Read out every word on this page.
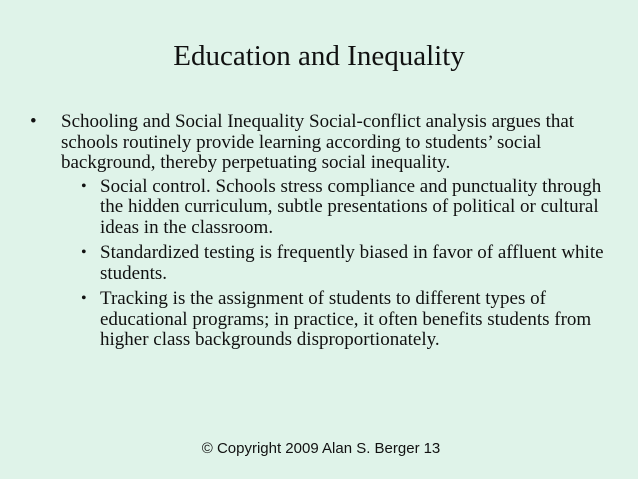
Education and Inequality
• Schooling and Social Inequality Social-conflict analysis argues that schools routinely provide learning according to students’ social background, thereby perpetuating social inequality.
• Social control. Schools stress compliance and punctuality through the hidden curriculum, subtle presentations of political or cultural ideas in the classroom.
• Standardized testing is frequently biased in favor of affluent white students.
• Tracking is the assignment of students to different types of educational programs; in practice, it often benefits students from higher class backgrounds disproportionately.
© Copyright 2009 Alan S. Berger 13
